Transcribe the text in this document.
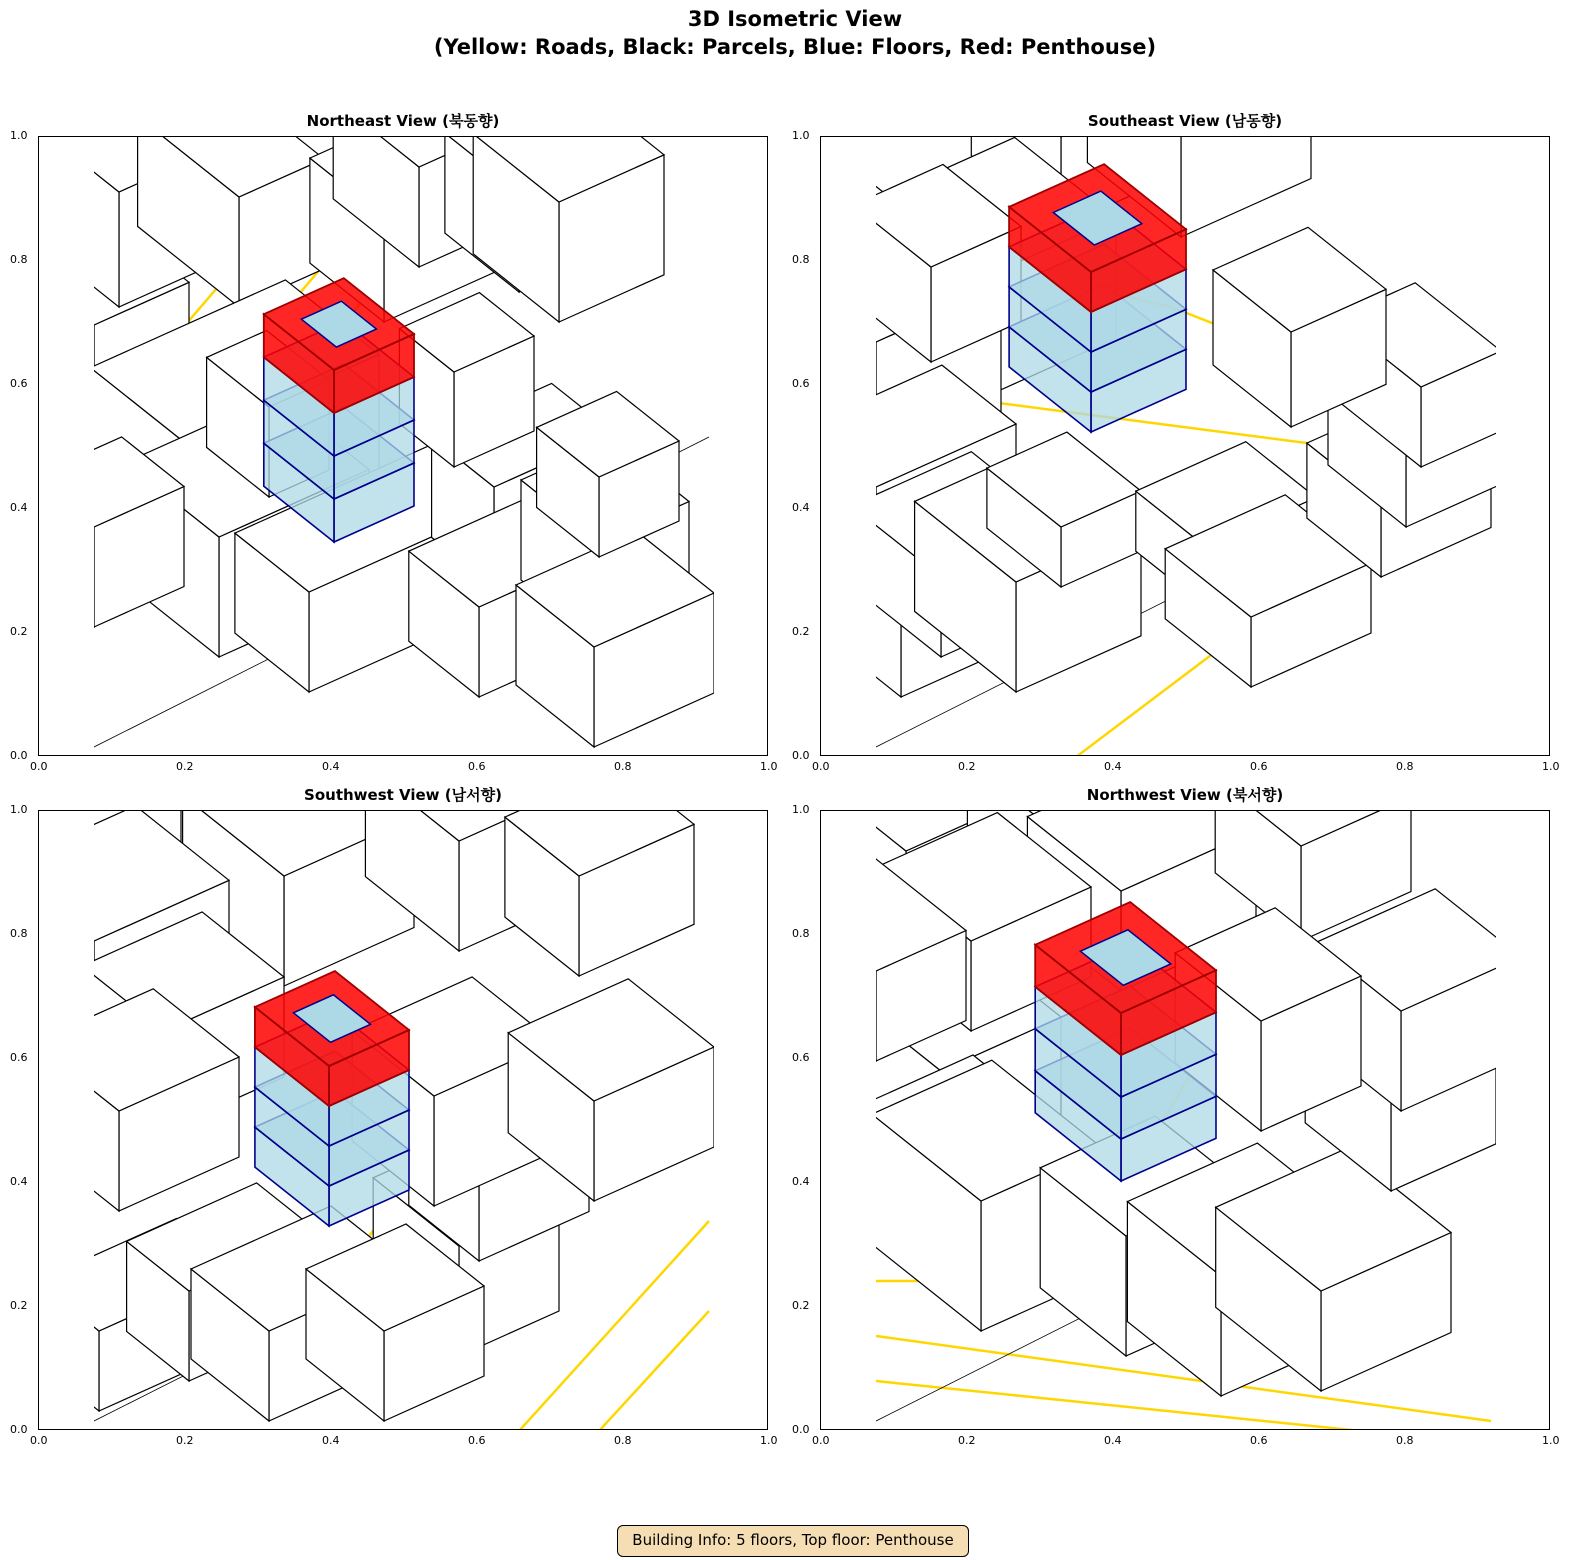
3D Isometric View
(Yellow: Roads, Black: Parcels, Blue: Floors, Red: Penthouse)
Northeast View (북동향)
0.0	0.2	0.4	0.6	0.8	1.0
0.0
0.2
0.4
0.6
0.8
1.0
Southeast View (남동향)
0.0	0.2	0.4	0.6	0.8	1.0
0.0
0.2
0.4
0.6
0.8
1.0
Southwest View (남서향)
0.0	0.2	0.4	0.6	0.8	1.0
0.0
0.2
0.4
0.6
0.8
1.0
Northwest View (북서향)
0.0	0.2	0.4	0.6	0.8	1.0
0.0
0.2
0.4
0.6
0.8
1.0
Building Info: 5 floors, Top floor: Penthouse
